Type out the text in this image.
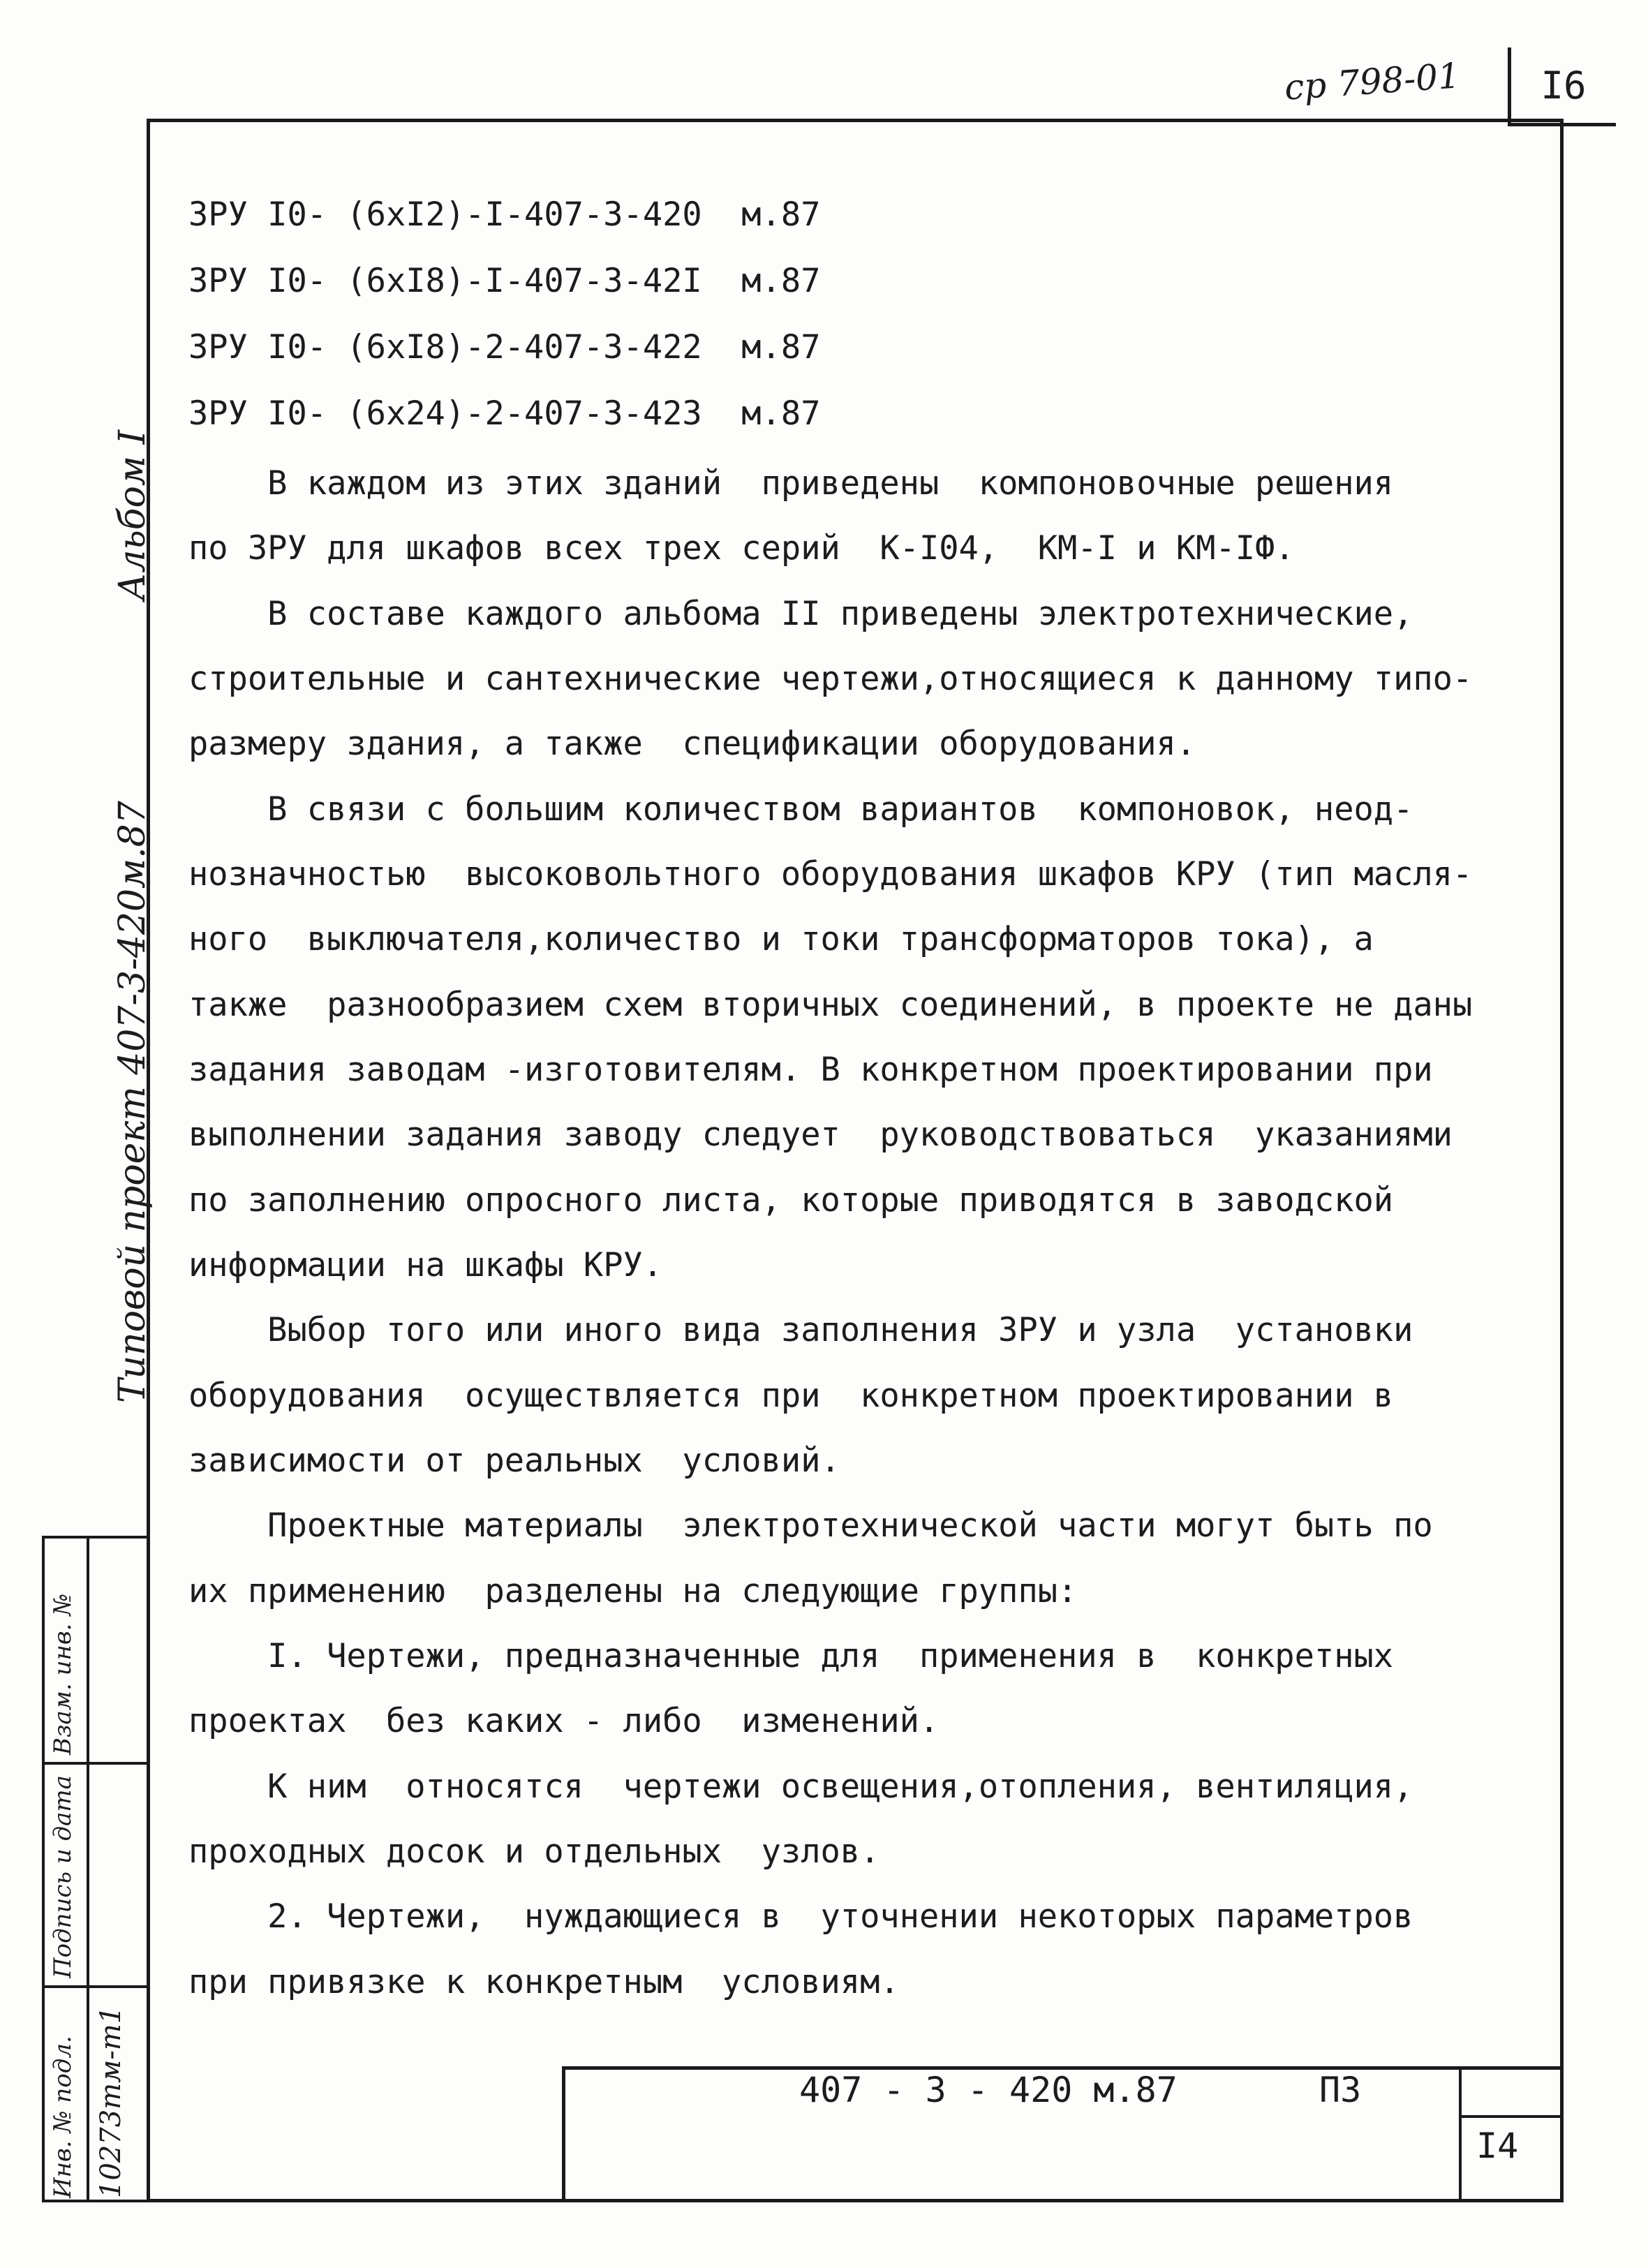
ср 798-01	I6
Альбом I
Типовой проект 407-3-420м.87
Взам. инв. №
Подпись и дата
Инв. № подл. 10273тм-т1
ЗРУ I0- (6хI2)-I-407-3-420  м.87
ЗРУ I0- (6хI8)-I-407-3-42I  м.87
ЗРУ I0- (6хI8)-2-407-3-422  м.87
ЗРУ I0- (6х24)-2-407-3-423  м.87
В каждом из этих зданий  приведены  компоновочные решения
по ЗРУ для шкафов всех трех серий  К-I04,  КМ-I и КМ-IФ.
В составе каждого альбома II приведены электротехнические,
строительные и сантехнические чертежи,относящиеся к данному типо-
размеру здания, а также  спецификации оборудования.
В связи с большим количеством вариантов  компоновок, неод-
нозначностью  высоковольтного оборудования шкафов КРУ (тип масля-
ного  выключателя,количество и токи трансформаторов тока), а
также  разнообразием схем вторичных соединений, в проекте не даны
задания заводам -изготовителям. В конкретном проектировании при
выполнении задания заводу следует  руководствоваться  указаниями
по заполнению опросного листа, которые приводятся в заводской
информации на шкафы КРУ.
Выбор того или иного вида заполнения ЗРУ и узла  установки
оборудования  осуществляется при  конкретном проектировании в
зависимости от реальных  условий.
Проектные материалы  электротехнической части могут быть по
их применению  разделены на следующие группы:
I. Чертежи, предназначенные для  применения в  конкретных
проектах  без каких - либо  изменений.
К ним  относятся  чертежи освещения,отопления, вентиляция,
проходных досок и отдельных  узлов.
2. Чертежи,  нуждающиеся в  уточнении некоторых параметров
при привязке к конкретным  условиям.
407 - 3 - 420 м.87	ПЗ
I4
